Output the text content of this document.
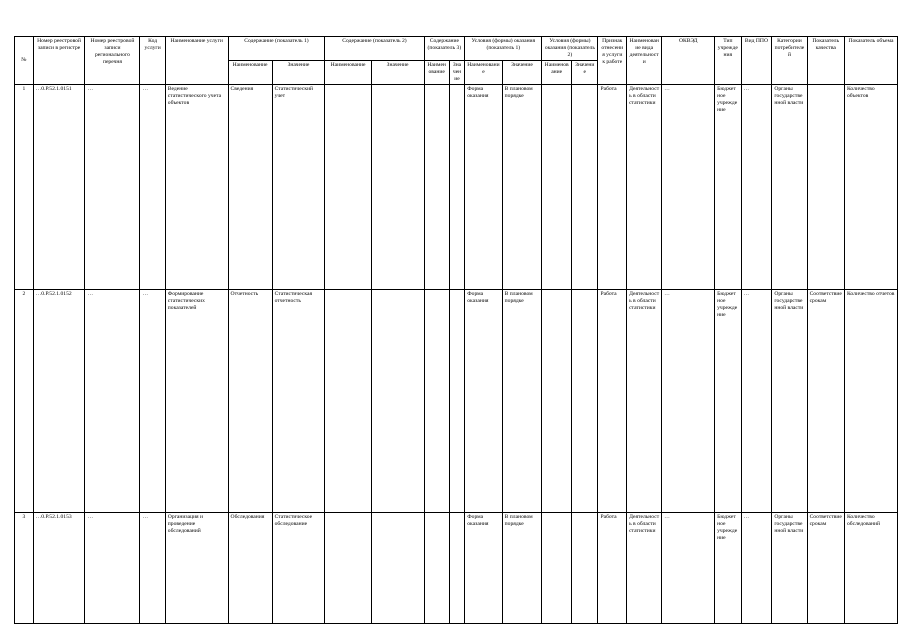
№	Номер реестровой записи в регистре	Номер реестровой записи регионального перечня	Код услуги	Наименование услуги	Содержание (показатель 1)		Содержание (показатель 2)		Содержание (показатель 3)		Условия (формы) оказания (показатель 1)		Условия (формы) оказания (показатель 2)		Признак отнесения услуги к работе	Наименование вида деятельности	ОКВЭД	Тип учреждения	Вид ППО	Категории потребителей	Показатель качества	Показатель объема
					Наименование	Значение	Наименование	Значение	Наименование	Значение	Наименование	Значение	Наименование	Значение								
1	…0.Р.52.1.0151	…	…	Ведение статистического учета объектов	Сведения	Статистический учет					Форма оказания	В плановом порядке			Работа	Деятельность в области статистики	…	Бюджетное учреждение	…	Органы государственной власти		Количество объектов
2	…0.Р.52.1.0152	…	…	Формирование статистических показателей	Отчетность	Статистическая отчетность					Форма оказания	В плановом порядке			Работа	Деятельность в области статистики	…	Бюджетное учреждение	…	Органы государственной власти	Соответствие срокам	Количество отчетов
3	…0.Р.52.1.0153	…	…	Организация и проведение обследований	Обследования	Статистическое обследование					Форма оказания	В плановом порядке			Работа	Деятельность в области статистики	…	Бюджетное учреждение	…	Органы государственной власти	Соответствие срокам	Количество обследований
